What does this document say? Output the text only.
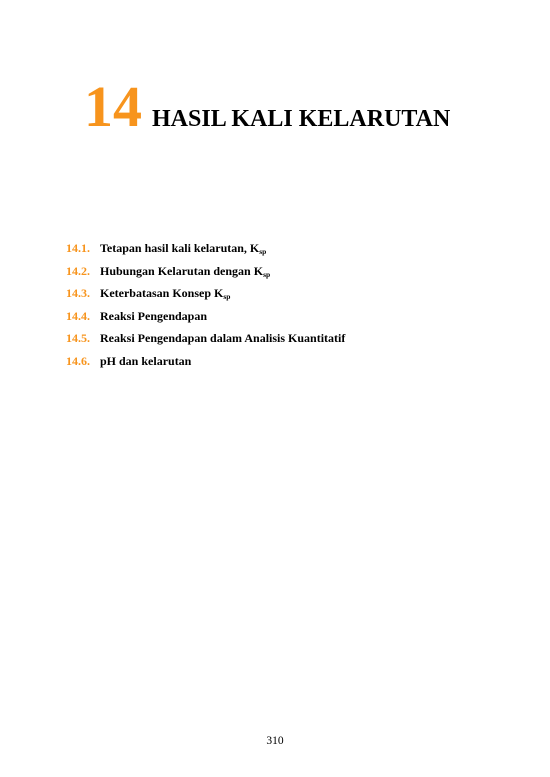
14 HASIL KALI KELARUTAN
14.1. Tetapan hasil kali kelarutan, Ksp
14.2. Hubungan Kelarutan dengan Ksp
14.3. Keterbatasan Konsep Ksp
14.4. Reaksi Pengendapan
14.5. Reaksi Pengendapan dalam Analisis Kuantitatif
14.6. pH dan kelarutan
310
